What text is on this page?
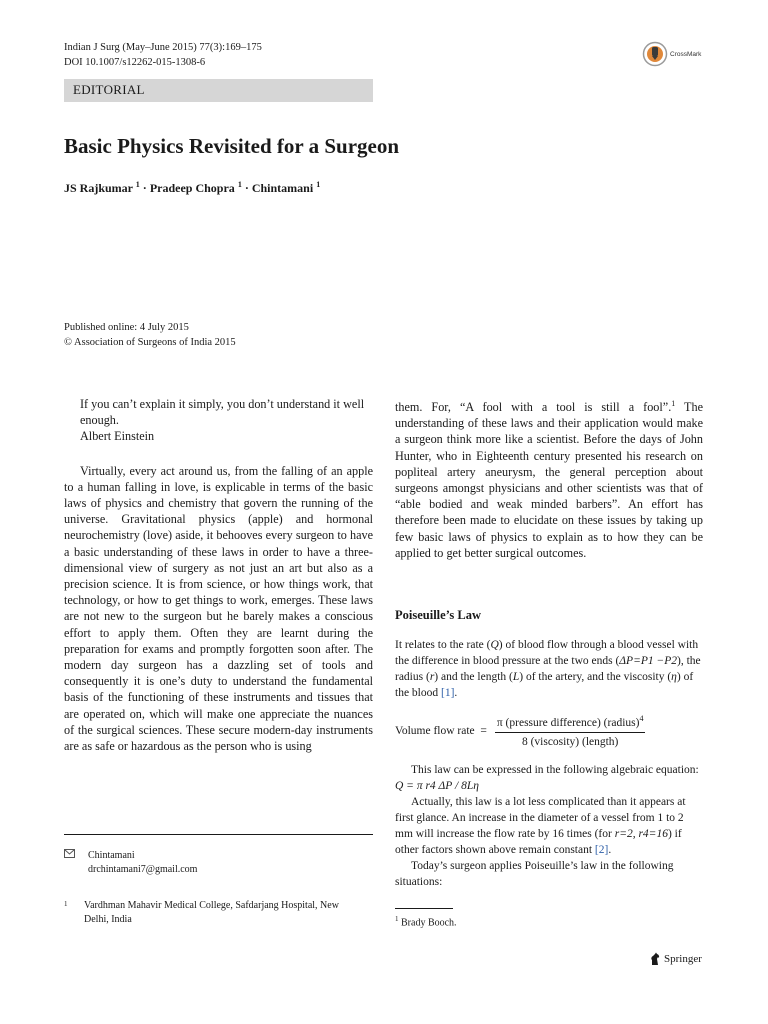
Indian J Surg (May–June 2015) 77(3):169–175
DOI 10.1007/s12262-015-1308-6
CrossMark
EDITORIAL
Basic Physics Revisited for a Surgeon
JS Rajkumar $^1$ · Pradeep Chopra $^1$ · Chintamani $^1$
Published online: 4 July 2015
© Association of Surgeons of India 2015
If you can’t explain it simply, you don’t understand it well enough.
Albert Einstein

Virtually, every act around us, from the falling of an apple to a human falling in love, is explicable in terms of the basic laws of physics and chemistry that govern the running of the universe. Gravitational physics (apple) and hormonal neurochemistry (love) aside, it behooves every surgeon to have a basic understanding of these laws in order to have a three-dimensional view of surgery as not just an art but also as a precision science. It is from science, or how things work, that technology, or how to get things to work, emerges. These laws are not new to the surgeon but he barely makes a conscious effort to apply them. Often they are learnt during the preparation for exams and promptly forgotten soon after. The modern day surgeon has a dazzling set of tools and consequently it is one’s duty to understand the fundamental basis of the functioning of these instruments and tissues that are operated on, which will make one appreciate the nuances of the surgical sciences. These secure modern-day instruments are as safe or hazardous as the person who is using

them. For, “A fool with a tool is still a fool”.$^1$ The understanding of these laws and their application would make a surgeon think more like a scientist. Before the days of John Hunter, who in Eighteenth century presented his research on popliteal artery aneurysm, the general perception about surgeons amongst physicians and other scientists was that of “able bodied and weak minded barbers”. An effort has therefore been made to elucidate on these issues by taking up few basic laws of physics to explain as to how they can be applied to get better surgical outcomes.

Poiseuille’s Law

It relates to the rate (Q) of blood flow through a blood vessel with the difference in blood pressure at the two ends (ΔP=P1 −P2), the radius (r) and the length (L) of the artery, and the viscosity (η) of the blood [1].

Volume flow rate  = $\frac{\pi (pressure difference) (radius)^4}{\text{8 (viscosity) (length)}}$

This law can be expressed in the following algebraic equation: Q = π r4 ΔP / 8Lη

Actually, this law is a lot less complicated than it appears at first glance. An increase in the diameter of a vessel from 1 to 2 mm will increase the flow rate by 16 times (for r=2, r4=16) if other factors shown above remain constant [2].

Today’s surgeon applies Poiseuille’s law in the following situations:

Chintamani
drchintamani7@gmail.com
1 Vardhman Mahavir Medical College, Safdarjang Hospital, New Delhi, India	$^1$ Brady Booch.
Springer
